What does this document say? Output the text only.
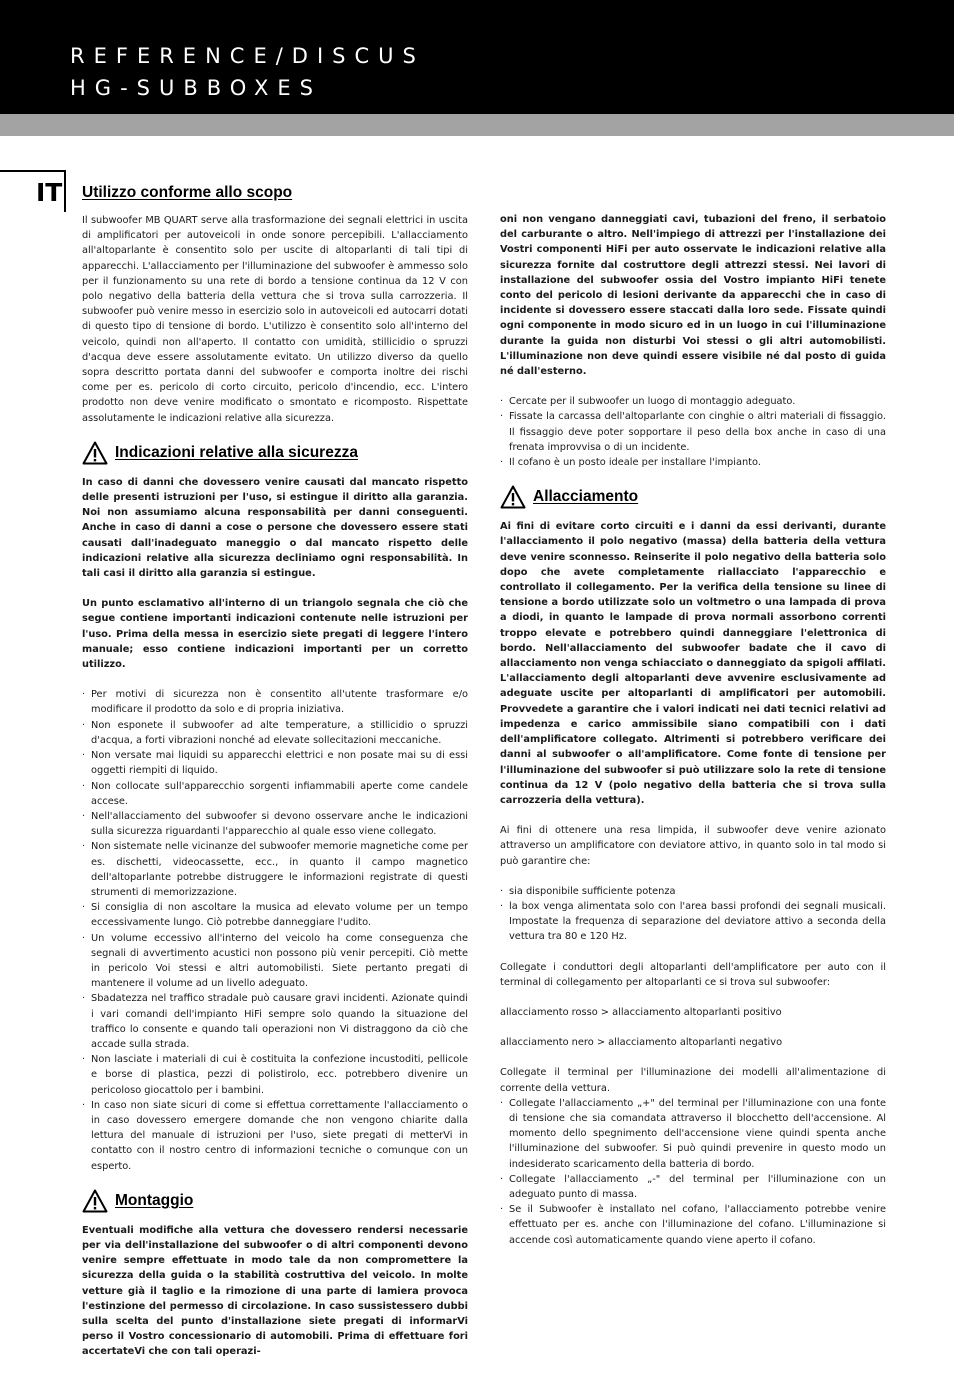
REFERENCE/DISCUS
HG-SUBBOXES
IT Utilizzo conforme allo scopo

Il subwoofer MB QUART serve alla trasformazione dei segnali elettrici in uscita di amplificatori per autoveicoli in onde sonore percepibili. L'allacciamento all'altoparlante è consentito solo per uscite di altoparlanti di tali tipi di apparecchi. L'allacciamento per l'illuminazione del subwoofer è ammesso solo per il funzionamento su una rete di bordo a tensione continua da 12 V con polo negativo della batteria della vettura che si trova sulla carrozzeria. Il subwoofer può venire messo in esercizio solo in autoveicoli ed autocarri dotati di questo tipo di tensione di bordo. L'utilizzo è consentito solo all'interno del veicolo, quindi non all'aperto. Il contatto con umidità, stillicidio o spruzzi d'acqua deve essere assolutamente evitato. Un utilizzo diverso da quello sopra descritto portata danni del subwoofer e comporta inoltre dei rischi come per es. pericolo di corto circuito, pericolo d'incendio, ecc. L'intero prodotto non deve venire modificato o smontato e ricomposto. Rispettate assolutamente le indicazioni relative alla sicurezza.

Indicazioni relative alla sicurezza

In caso di danni che dovessero venire causati dal mancato rispetto delle presenti istruzioni per l'uso, si estingue il diritto alla garanzia. Noi non assumiamo alcuna responsabilità per danni conseguenti. Anche in caso di danni a cose o persone che dovessero essere stati causati dall'inadeguato maneggio o dal mancato rispetto delle indicazioni relative alla sicurezza decliniamo ogni responsabilità. In tali casi il diritto alla garanzia si estingue.

Un punto esclamativo all'interno di un triangolo segnala che ciò che segue contiene importanti indicazioni contenute nelle istruzioni per l'uso. Prima della messa in esercizio siete pregati di leggere l'intero manuale; esso contiene indicazioni importanti per un corretto utilizzo.

· Per motivi di sicurezza non è consentito all'utente trasformare e/o modificare il prodotto da solo e di propria iniziativa.
· Non esponete il subwoofer ad alte temperature, a stillicidio o spruzzi d'acqua, a forti vibrazioni nonché ad elevate sollecitazioni meccaniche.
· Non versate mai liquidi su apparecchi elettrici e non posate mai su di essi oggetti riempiti di liquido.
· Non collocate sull'apparecchio sorgenti infiammabili aperte come candele accese.
· Nell'allacciamento del subwoofer si devono osservare anche le indicazioni sulla sicurezza riguardanti l'apparecchio al quale esso viene collegato.
· Non sistemate nelle vicinanze del subwoofer memorie magnetiche come per es. dischetti, videocassette, ecc., in quanto il campo magnetico dell'altoparlante potrebbe distruggere le informazioni registrate di questi strumenti di memorizzazione.
· Si consiglia di non ascoltare la musica ad elevato volume per un tempo eccessivamente lungo. Ciò potrebbe danneggiare l'udito.
· Un volume eccessivo all'interno del veicolo ha come conseguenza che segnali di avvertimento acustici non possono più venir percepiti. Ciò mette in pericolo Voi stessi e altri automobilisti. Siete pertanto pregati di mantenere il volume ad un livello adeguato.
· Sbadatezza nel traffico stradale può causare gravi incidenti. Azionate quindi i vari comandi dell'impianto HiFi sempre solo quando la situazione del traffico lo consente e quando tali operazioni non Vi distraggono da ciò che accade sulla strada.
· Non lasciate i materiali di cui è costituita la confezione incustoditi, pellicole e borse di plastica, pezzi di polistirolo, ecc. potrebbero divenire un pericoloso giocattolo per i bambini.
· In caso non siate sicuri di come si effettua correttamente l'allacciamento o in caso dovessero emergere domande che non vengono chiarite dalla lettura del manuale di istruzioni per l'uso, siete pregati di metterVi in contatto con il nostro centro di informazioni tecniche o comunque con un esperto.
Montaggio

Eventuali modifiche alla vettura che dovessero rendersi necessarie per via dell'installazione del subwoofer o di altri componenti devono venire sempre effettuate in modo tale da non compromettere la sicurezza della guida o la stabilità costruttiva del veicolo. In molte vetture già il taglio e la rimozione di una parte di lamiera provoca l'estinzione del permesso di circolazione. In caso sussistessero dubbi sulla scelta del punto d'installazione siete pregati di informarVi perso il Vostro concessionario di automobili. Prima di effettuare fori accertateVi che con tali operazi-

oni non vengano danneggiati cavi, tubazioni del freno, il serbatoio del carburante o altro. Nell'impiego di attrezzi per l'installazione dei Vostri componenti HiFi per auto osservate le indicazioni relative alla sicurezza fornite dal costruttore degli attrezzi stessi. Nei lavori di installazione del subwoofer ossia del Vostro impianto HiFi tenete conto del pericolo di lesioni derivante da apparecchi che in caso di incidente si dovessero essere staccati dalla loro sede. Fissate quindi ogni componente in modo sicuro ed in un luogo in cui l'illuminazione durante la guida non disturbi Voi stessi o gli altri automobilisti. L'illuminazione non deve quindi essere visibile né dal posto di guida né dall'esterno.

· Cercate per il subwoofer un luogo di montaggio adeguato.
· Fissate la carcassa dell'altoparlante con cinghie o altri materiali di fissaggio. Il fissaggio deve poter sopportare il peso della box anche in caso di una frenata improvvisa o di un incidente.
· Il cofano è un posto ideale per installare l'impianto.
Allacciamento

Ai fini di evitare corto circuiti e i danni da essi derivanti, durante l'allacciamento il polo negativo (massa) della batteria della vettura deve venire sconnesso. Reinserite il polo negativo della batteria solo dopo che avete completamente riallacciato l'apparecchio e controllato il collegamento. Per la verifica della tensione su linee di tensione a bordo utilizzate solo un voltmetro o una lampada di prova a diodi, in quanto le lampade di prova normali assorbono correnti troppo elevate e potrebbero quindi danneggiare l'elettronica di bordo. Nell'allacciamento del subwoofer badate che il cavo di allacciamento non venga schiacciato o danneggiato da spigoli affilati. L'allacciamento degli altoparlanti deve avvenire esclusivamente ad adeguate uscite per altoparlanti di amplificatori per automobili. Provvedete a garantire che i valori indicati nei dati tecnici relativi ad impedenza e carico ammissibile siano compatibili con i dati dell'amplificatore collegato. Altrimenti si potrebbero verificare dei danni al subwoofer o all'amplificatore. Come fonte di tensione per l'illuminazione del subwoofer si può utilizzare solo la rete di tensione continua da 12 V (polo negativo della batteria che si trova sulla carrozzeria della vettura).

Ai fini di ottenere una resa limpida, il subwoofer deve venire azionato attraverso un amplificatore con deviatore attivo, in quanto solo in tal modo si può garantire che:

· sia disponibile sufficiente potenza
· la box venga alimentata solo con l'area bassi profondi dei segnali musicali. Impostate la frequenza di separazione del deviatore attivo a seconda della vettura tra 80 e 120 Hz.

Collegate i conduttori degli altoparlanti dell'amplificatore per auto con il terminal di collegamento per altoparlanti ce si trova sul subwoofer:

allacciamento rosso > allacciamento altoparlanti positivo

allacciamento nero > allacciamento altoparlanti negativo

Collegate il terminal per l'illuminazione dei modelli all'alimentazione di corrente della vettura.

· Collegate l'allacciamento „+" del terminal per l'illuminazione con una fonte di tensione che sia comandata attraverso il blocchetto dell'accensione. Al momento dello spegnimento dell'accensione viene quindi spenta anche l'illuminazione del subwoofer. Si può quindi prevenire in questo modo un indesiderato scaricamento della batteria di bordo.
· Collegate l'allacciamento „-" del terminal per l'illuminazione con un adeguato punto di massa.
· Se il Subwoofer è installato nel cofano, l'allacciamento potrebbe venire effettuato per es. anche con l'illuminazione del cofano. L'illuminazione si accende così automaticamente quando viene aperto il cofano.
